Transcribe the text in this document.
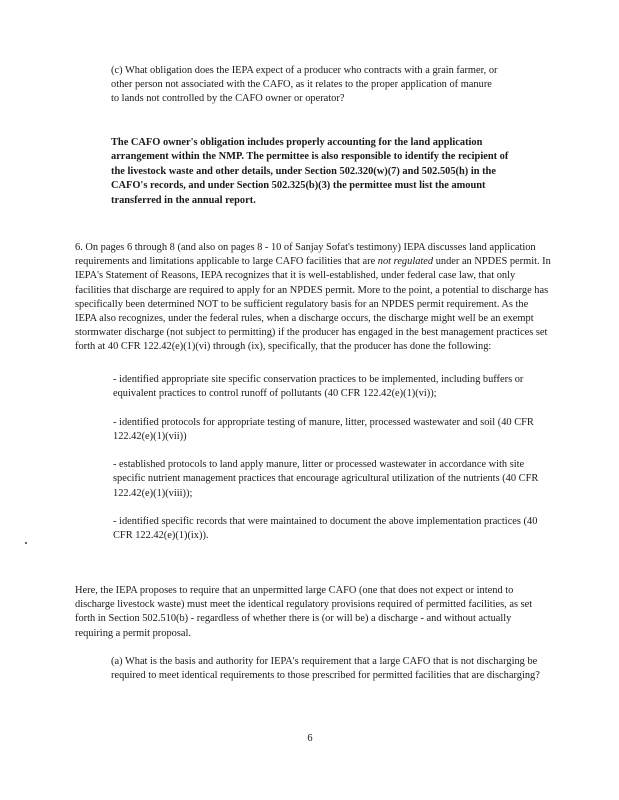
(c) What obligation does the IEPA expect of a producer who contracts with a grain farmer, or other person not associated with the CAFO, as it relates to the proper application of manure to lands not controlled by the CAFO owner or operator?

The CAFO owner's obligation includes properly accounting for the land application arrangement within the NMP. The permittee is also responsible to identify the recipient of the livestock waste and other details, under Section 502.320(w)(7) and 502.505(h) in the CAFO's records, and under Section 502.325(b)(3) the permittee must list the amount transferred in the annual report.

6. On pages 6 through 8 (and also on pages 8 - 10 of Sanjay Sofat's testimony) IEPA discusses land application requirements and limitations applicable to large CAFO facilities that are not regulated under an NPDES permit. In IEPA's Statement of Reasons, IEPA recognizes that it is well-established, under federal case law, that only facilities that discharge are required to apply for an NPDES permit. More to the point, a potential to discharge has specifically been determined NOT to be sufficient regulatory basis for an NPDES permit requirement. As the IEPA also recognizes, under the federal rules, when a discharge occurs, the discharge might well be an exempt stormwater discharge (not subject to permitting) if the producer has engaged in the best management practices set forth at 40 CFR 122.42(e)(1)(vi) through (ix), specifically, that the producer has done the following:

- identified appropriate site specific conservation practices to be implemented, including buffers or equivalent practices to control runoff of pollutants (40 CFR 122.42(e)(1)(vi));

- identified protocols for appropriate testing of manure, litter, processed wastewater and soil (40 CFR 122.42(e)(1)(vii))

- established protocols to land apply manure, litter or processed wastewater in accordance with site specific nutrient management practices that encourage agricultural utilization of the nutrients (40 CFR 122.42(e)(1)(viii));

- identified specific records that were maintained to document the above implementation practices (40 CFR 122.42(e)(1)(ix)).

Here, the IEPA proposes to require that an unpermitted large CAFO (one that does not expect or intend to discharge livestock waste) must meet the identical regulatory provisions required of permitted facilities, as set forth in Section 502.510(b) - regardless of whether there is (or will be) a discharge - and without actually requiring a permit proposal.

(a) What is the basis and authority for IEPA's requirement that a large CAFO that is not discharging be required to meet identical requirements to those prescribed for permitted facilities that are discharging?

6
